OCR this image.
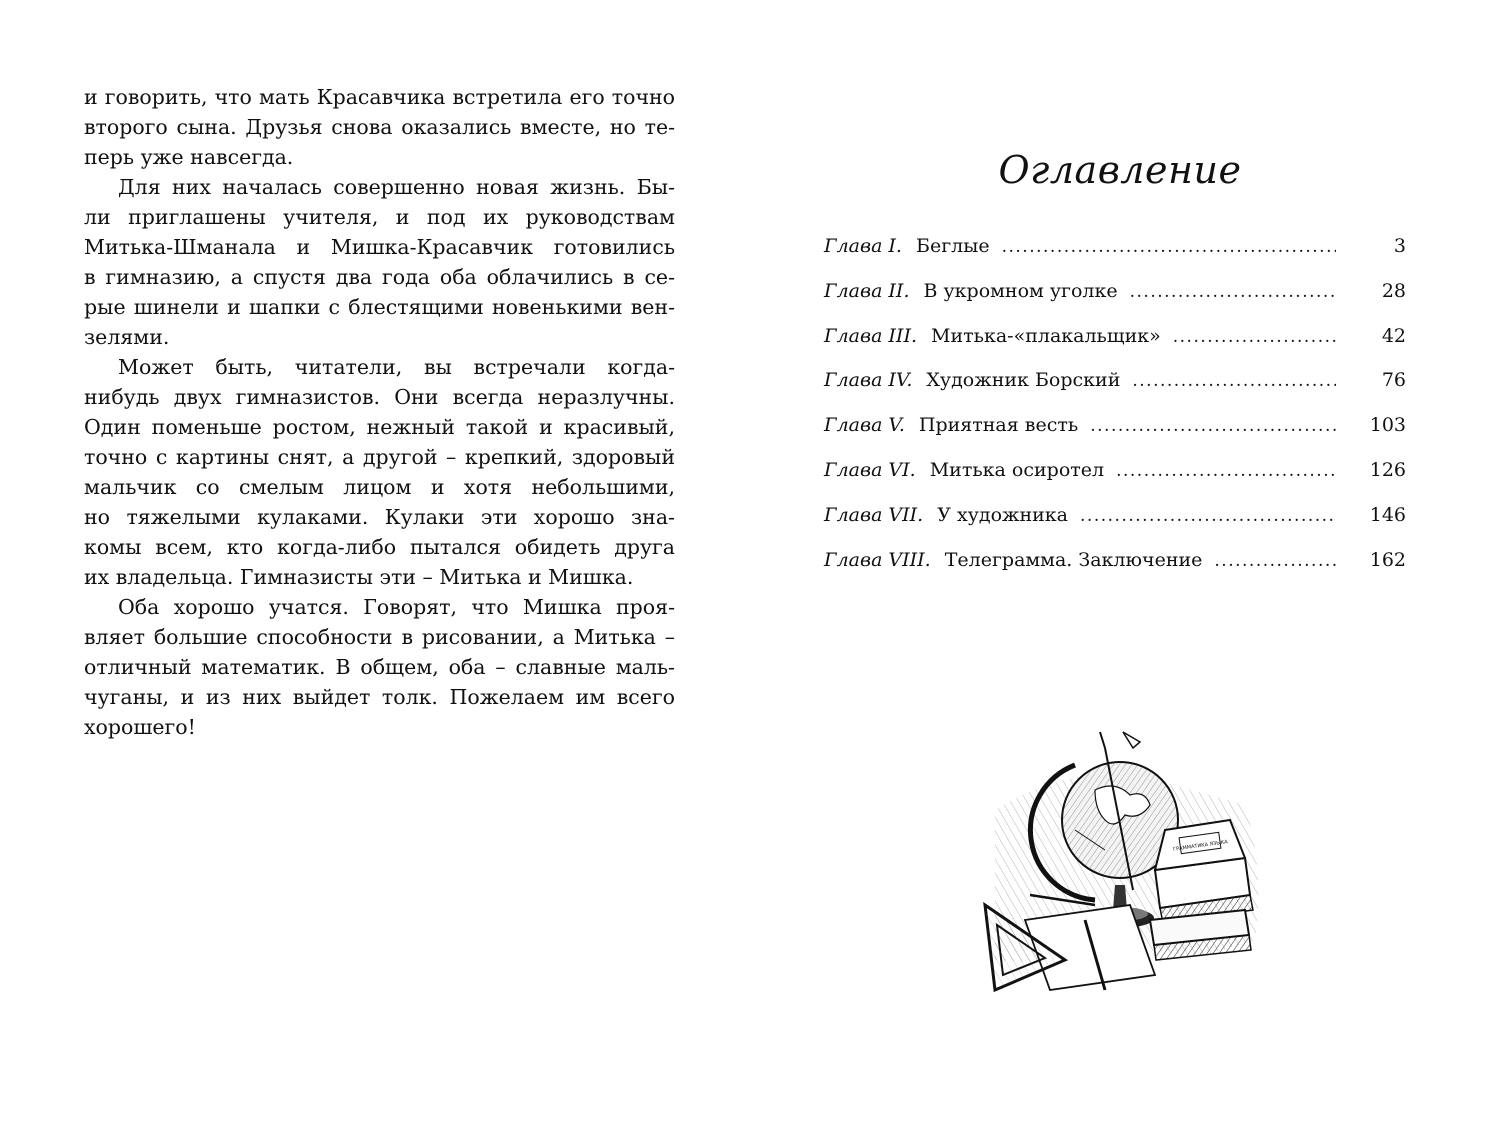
и говорить, что мать Красавчика встретила его точно
второго сына. Друзья снова оказались вместе, но те-
перь уже навсегда.
Для них началась совершенно новая жизнь. Бы-
ли приглашены учителя, и под их руководствам
Митька-Шманала и Мишка-Красавчик готовились
в гимназию, а спустя два года оба облачились в се-
рые шинели и шапки с блестящими новенькими вен-
зелями.
Может быть, читатели, вы встречали когда-
нибудь двух гимназистов. Они всегда неразлучны.
Один поменьше ростом, нежный такой и красивый,
точно с картины снят, а другой – крепкий, здоровый
мальчик со смелым лицом и хотя небольшими,
но тяжелыми кулаками. Кулаки эти хорошо зна-
комы всем, кто когда-либо пытался обидеть друга
их владельца. Гимназисты эти – Митька и Мишка.
Оба хорошо учатся. Говорят, что Мишка проя-
вляет большие способности в рисовании, а Митька –
отличный математик. В общем, оба – славные маль-
чуганы, и из них выйдет толк. Пожелаем им всего
хорошего!
Оглавление
Глава I. Беглые .....	3
Глава II. В укромном уголке .....	28
Глава III. Митька-«плакальщик» .....	42
Глава IV. Художник Борский .....	76
Глава V. Приятная весть .....	103
Глава VI. Митька осиротел .....	126
Глава VII. У художника .....	146
Глава VIII. Телеграмма. Заключение .....	162
ГРАММАТИКА ЯЗЫКА
